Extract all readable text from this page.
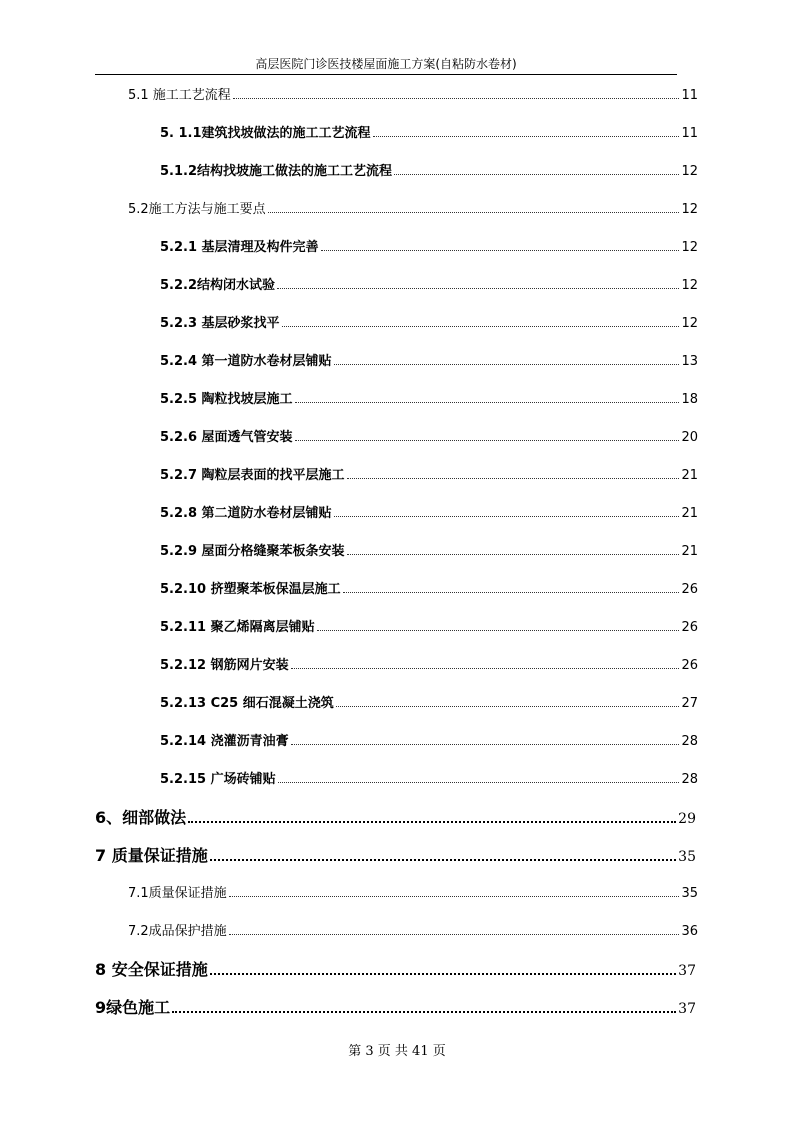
高层医院门诊医技楼屋面施工方案(自粘防水卷材)
5.1 施工工艺流程	11
5. 1.1建筑找坡做法的施工工艺流程	11
5.1.2结构找坡施工做法的施工工艺流程	12
5.2施工方法与施工要点	12
5.2.1 基层清理及构件完善	12
5.2.2结构闭水试验	12
5.2.3 基层砂浆找平	12
5.2.4 第一道防水卷材层铺贴	13
5.2.5 陶粒找坡层施工	18
5.2.6 屋面透气管安装	20
5.2.7 陶粒层表面的找平层施工	21
5.2.8 第二道防水卷材层铺贴	21
5.2.9 屋面分格缝聚苯板条安装	21
5.2.10 挤塑聚苯板保温层施工	26
5.2.11 聚乙烯隔离层铺贴	26
5.2.12 钢筋网片安装	26
5.2.13 C25 细石混凝土浇筑	27
5.2.14 浇灌沥青油膏	28
5.2.15 广场砖铺贴	28
6、细部做法	29
7 质量保证措施	35
7.1质量保证措施	35
7.2成品保护措施	36
8 安全保证措施	37
9绿色施工	37
第 3 页 共 41 页
